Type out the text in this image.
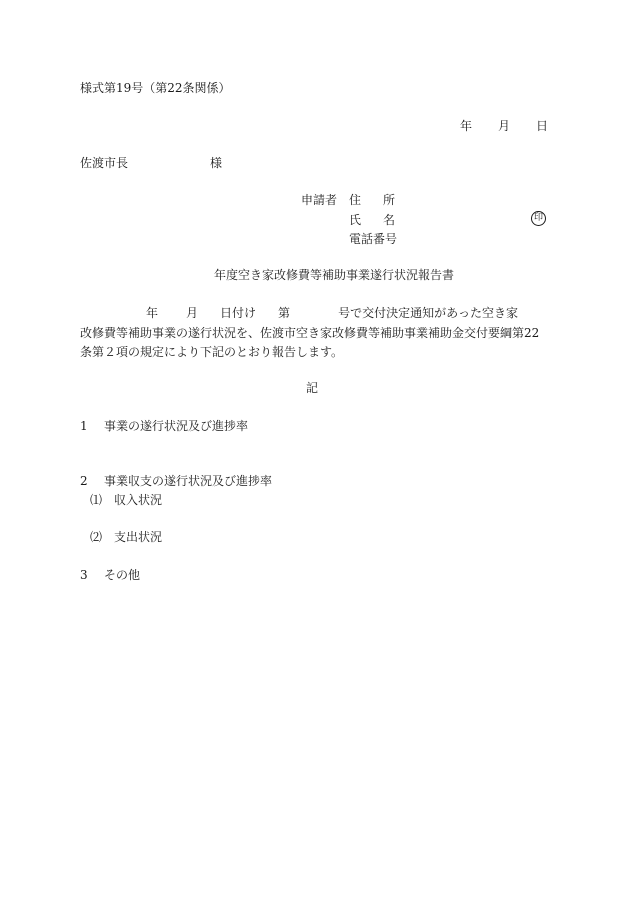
様式第19号（第22条関係）
年 月 日
佐渡市長	様
申請者 住 所
氏 名
電話番号
印
年度空き家改修費等補助事業遂行状況報告書
年 月 日付け 第	号で交付決定通知があった空き家
改修費等補助事業の遂行状況を、佐渡市空き家改修費等補助事業補助金交付要綱第22
条第２項の規定により下記のとおり報告します。
記
1 事業の遂行状況及び進捗率
2 事業収支の遂行状況及び進捗率
⑴ 収入状況
⑵ 支出状況
3 その他
